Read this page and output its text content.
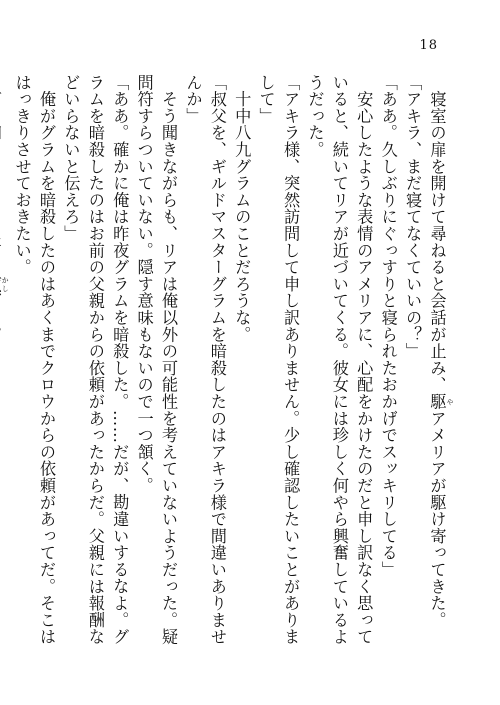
18

　寝室の扉を開けて尋ねると会話が止み、駆 やアメリアが駆け寄ってきた。

「アキラ、まだ寝てなくていいの？」

「ああ。久しぶりにぐっすりと寝られたおかげでスッキリしてる」

　安心したような表情のアメリアに、心配をかけたのだと申し訳なく思っていると、続いてリアが近づいてくる。彼女には珍しく何やら興奮しているようだった。

「アキラ様、突然訪問して申し訳ありません。少し確認したいことがありまして」

　十中八九グラムのことだろうな。

「叔父を、ギルドマスターグラムを暗殺したのはアキラ様で間違いありませんか」

　そう聞きながらも、リアは俺以外の可能性を考えていないようだった。疑問符すらついていない。隠す意味もないので一つ頷く。

「ああ。確かに俺は昨夜グラムを暗殺した。……だが、勘違いするなよ。グラムを暗殺したのはお前の父親からの依頼があったからだ。父親には報酬などいらないと伝えろ」

　俺がグラムを暗殺したのはあくまでクロウからの依頼があってだ。そこははっきりさせておきたい。

かし
